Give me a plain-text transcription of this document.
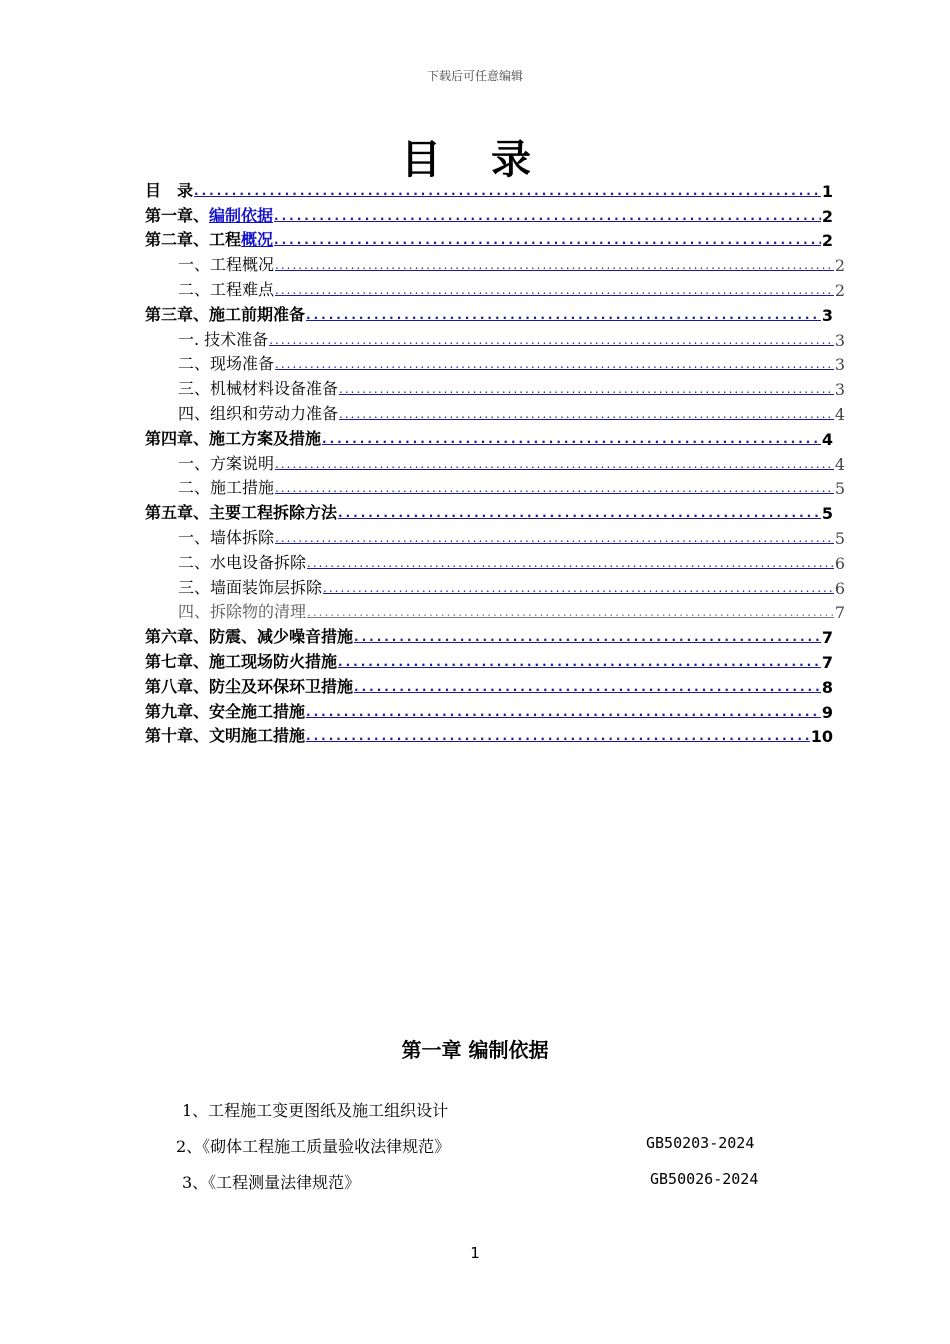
下载后可任意编辑
目 录
目　录 .....	1
第一章、编制依据 .....	2
第二章、工程概况 .....	2
一、工程概况 .....	2
二、工程难点 .....	2
第三章、施工前期准备 .....	3
一. 技术准备 .....	3
二、现场准备 .....	3
三、机械材料设备准备 .....	3
四、组织和劳动力准备 .....	4
第四章、施工方案及措施 .....	4
一、方案说明 .....	4
二、施工措施 .....	5
第五章、主要工程拆除方法 .....	5
一、墙体拆除 .....	5
二、水电设备拆除 .....	6
三、墙面装饰层拆除 .....	6
四、拆除物的清理 .....	7
第六章、防震、减少噪音措施 .....	7
第七章、施工现场防火措施 .....	7
第八章、防尘及环保环卫措施 .....	8
第九章、安全施工措施 .....	9
第十章、文明施工措施 .....	10
第一章 编制依据
1、工程施工变更图纸及施工组织设计
2、《砌体工程施工质量验收法律规范》	GB50203-2024
3、《工程测量法律规范》	GB50026-2024
1
